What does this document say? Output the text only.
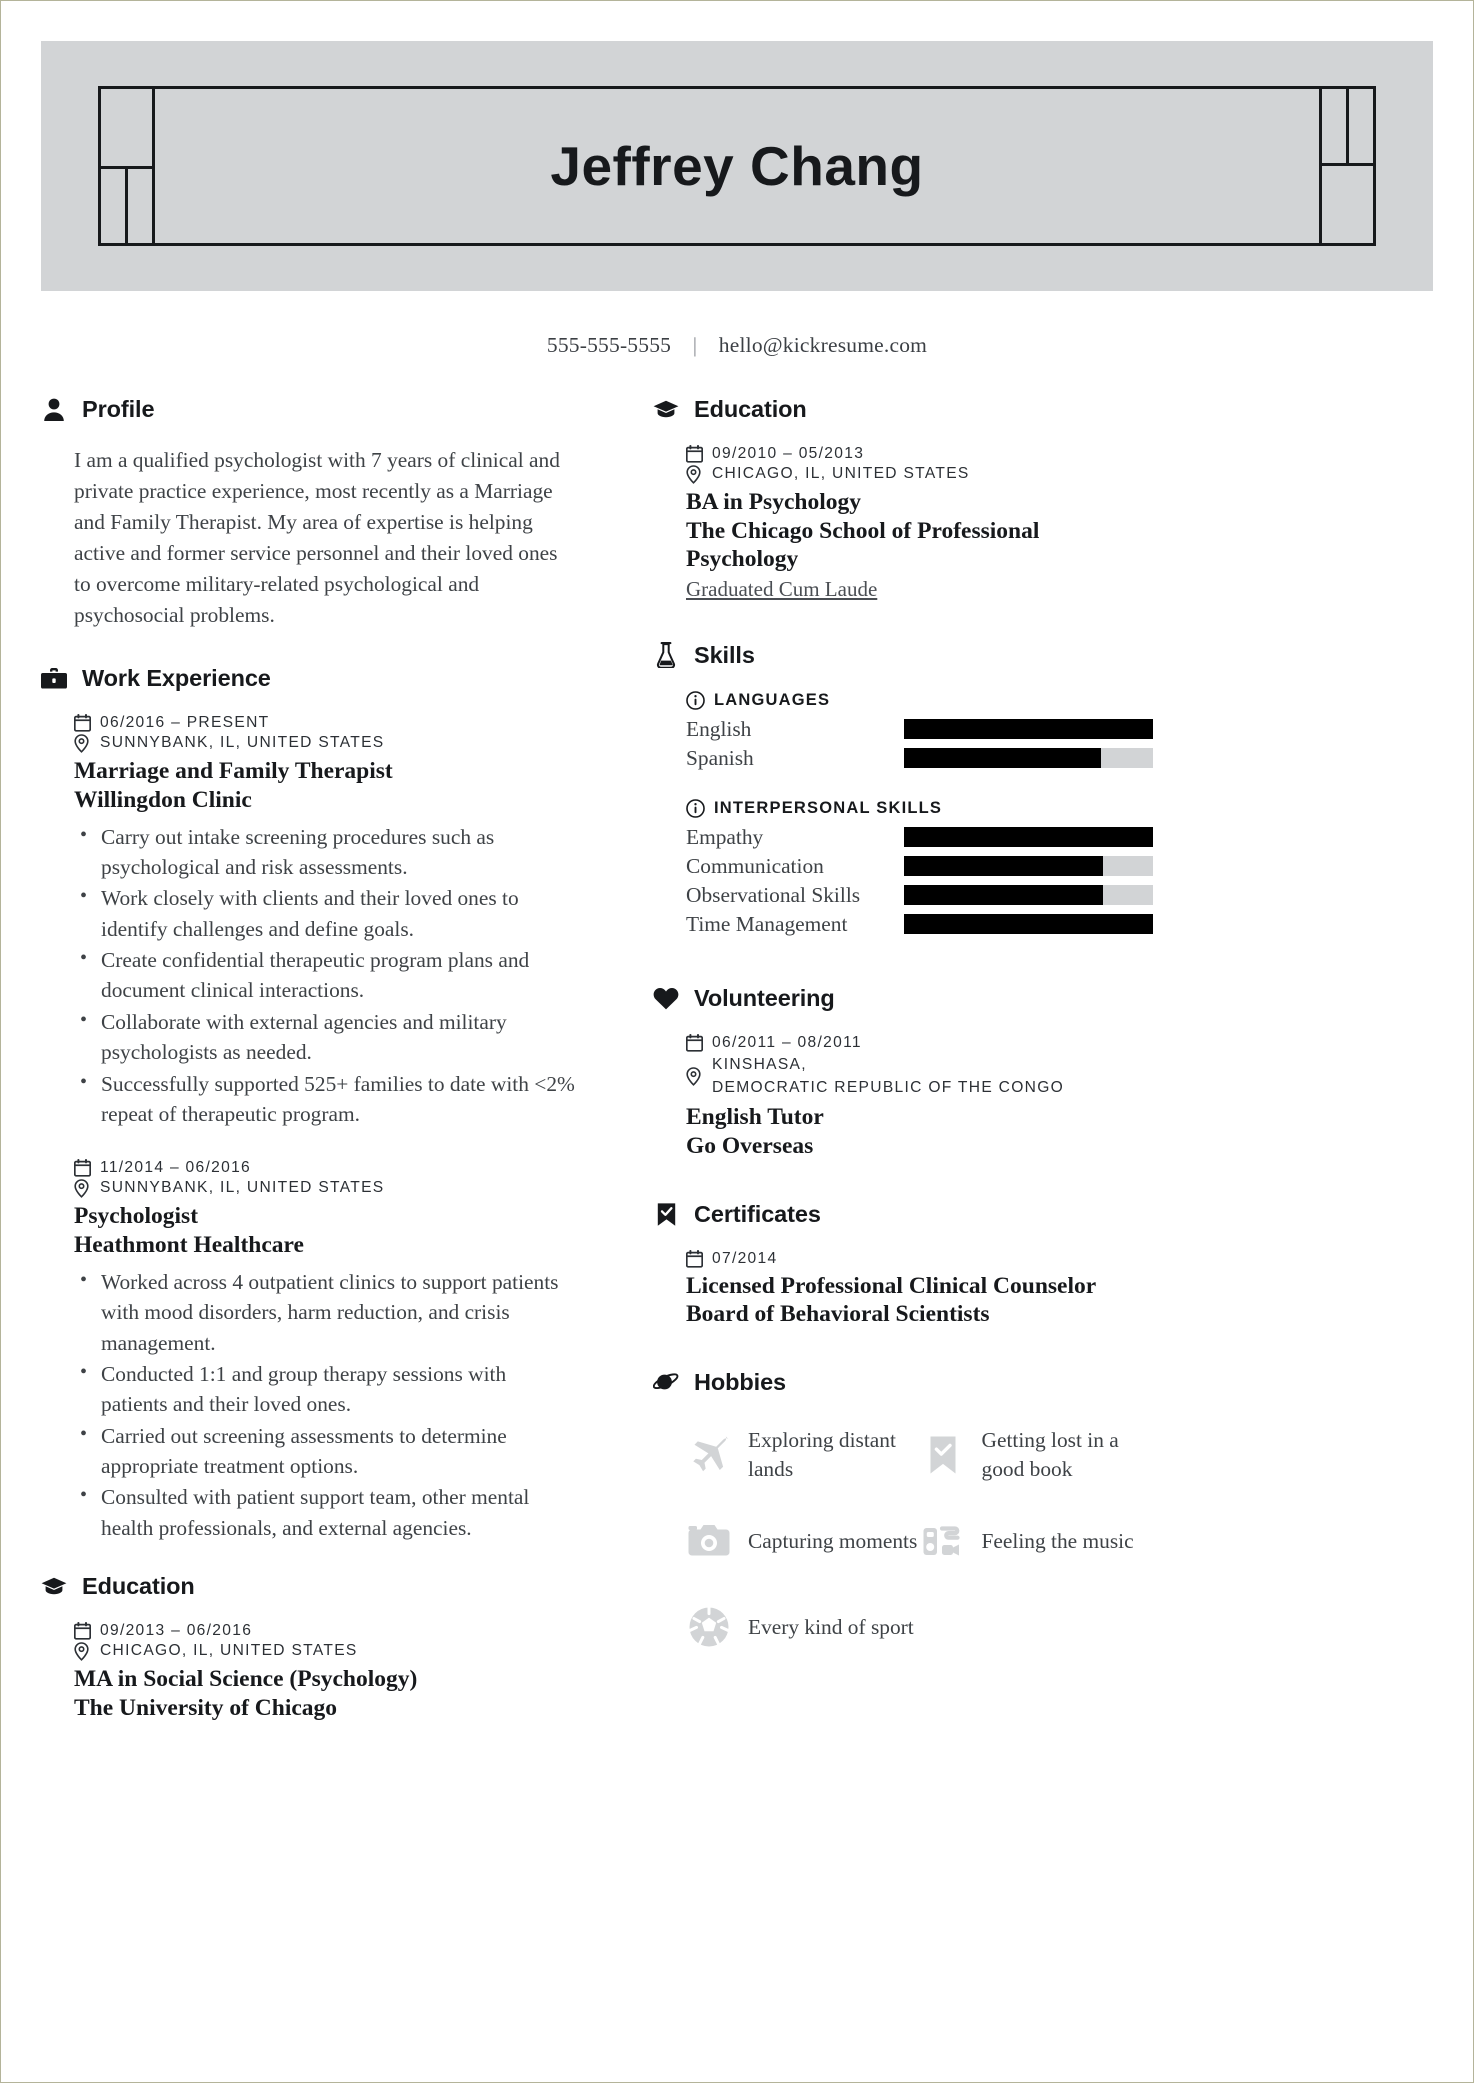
Jeffrey Chang
555-555-5555 | hello@kickresume.com
Profile

I am a qualified psychologist with 7 years of clinical and private practice experience, most recently as a Marriage and Family Therapist. My area of expertise is helping active and former service personnel and their loved ones to overcome military-related psychological and psychosocial problems.

Work Experience
06/2016 – PRESENT
SUNNYBANK, IL, UNITED STATES
Marriage and Family Therapist
Willingdon Clinic
• Carry out intake screening procedures such as psychological and risk assessments.
• Work closely with clients and their loved ones to identify challenges and define goals.
• Create confidential therapeutic program plans and document clinical interactions.
• Collaborate with external agencies and military psychologists as needed.
• Successfully supported 525+ families to date with <2% repeat of therapeutic program.
11/2014 – 06/2016
SUNNYBANK, IL, UNITED STATES
Psychologist
Heathmont Healthcare
• Worked across 4 outpatient clinics to support patients with mood disorders, harm reduction, and crisis management.
• Conducted 1:1 and group therapy sessions with patients and their loved ones.
• Carried out screening assessments to determine appropriate treatment options.
• Consulted with patient support team, other mental health professionals, and external agencies.
Education
09/2013 – 06/2016
CHICAGO, IL, UNITED STATES
MA in Social Science (Psychology)
The University of Chicago
Education
09/2010 – 05/2013
CHICAGO, IL, UNITED STATES
BA in Psychology
The Chicago School of Professional Psychology
Graduated Cum Laude
Skills
LANGUAGES
English
Spanish
INTERPERSONAL SKILLS
Empathy
Communication
Observational Skills
Time Management
Volunteering
06/2011 – 08/2011
KINSHASA,
DEMOCRATIC REPUBLIC OF THE CONGO
English Tutor
Go Overseas
Certificates
07/2014
Licensed Professional Clinical Counselor
Board of Behavioral Scientists
Hobbies
Exploring distant lands
Getting lost in a good book
Capturing moments	Feeling the music
Every kind of sport
